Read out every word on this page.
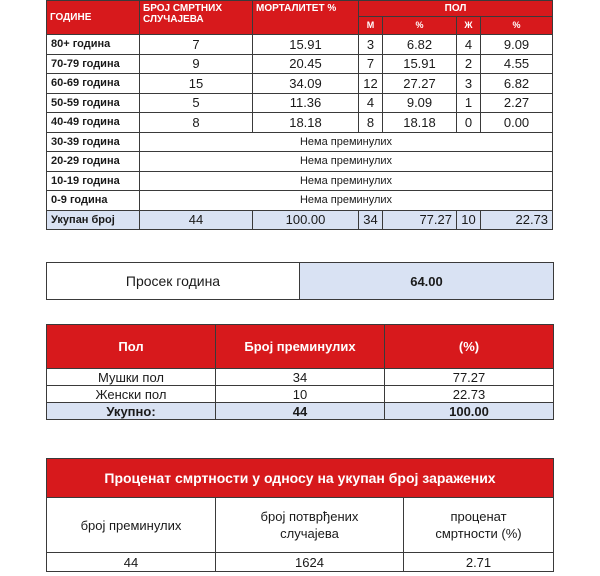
ГОДИНЕ	БРОЈ СМРТНИХ СЛУЧАЈЕВА	МОРТАЛИТЕТ %	ПОЛ			
			М	%	Ж	%
80+ година	7	15.91	3	6.82	4	9.09
70-79 година	9	20.45	7	15.91	2	4.55
60-69 година	15	34.09	12	27.27	3	6.82
50-59 година	5	11.36	4	9.09	1	2.27
40-49 година	8	18.18	8	18.18	0	0.00
30-39 година	Нема преминулих					
20-29 година	Нема преминулих					
10-19 година	Нема преминулих					
0-9 година	Нема преминулих					
Укупан број	44	100.00	34	77.27	10	22.73
Просек година	64.00
Пол	Број преминулих	(%)
Мушки пол	34	77.27
Женски пол	10	22.73
Укупно:	44	100.00
Проценат смртности у односу на укупан број заражених		
број преминулих	број потврђених случајева	проценат смртности (%)
44	1624	2.71
